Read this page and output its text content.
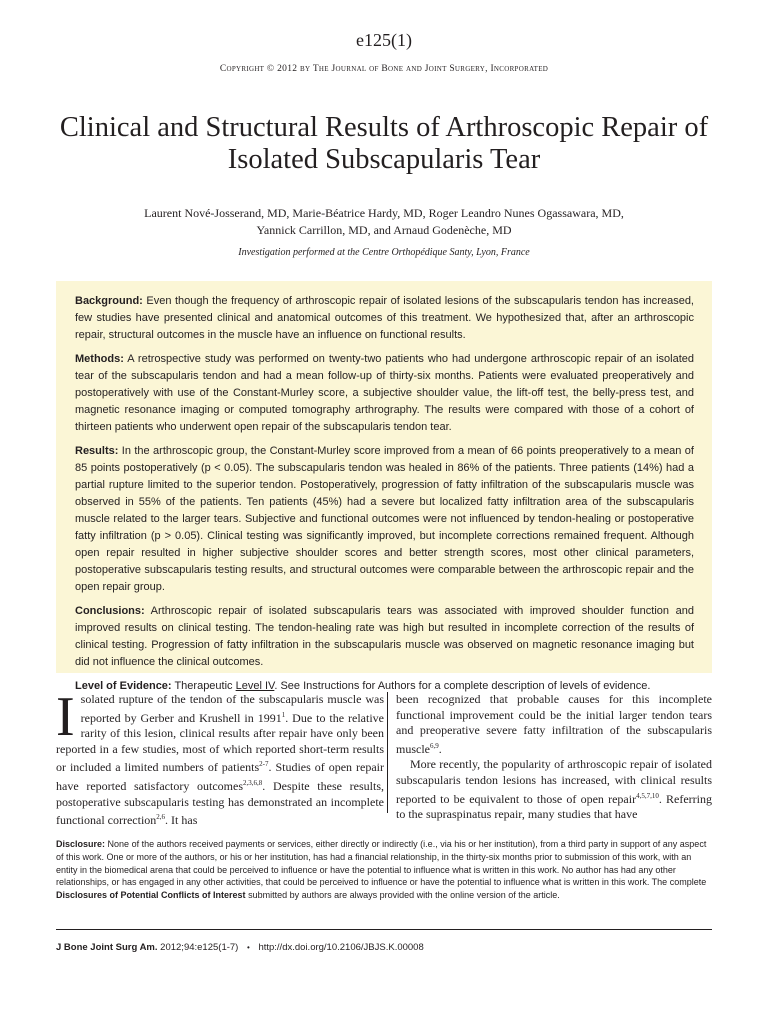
e125(1)
Copyright © 2012 by The Journal of Bone and Joint Surgery, Incorporated
Clinical and Structural Results of Arthroscopic Repair of Isolated Subscapularis Tear
Laurent Nové-Josserand, MD, Marie-Béatrice Hardy, MD, Roger Leandro Nunes Ogassawara, MD,
Yannick Carrillon, MD, and Arnaud Godenèche, MD
Investigation performed at the Centre Orthopédique Santy, Lyon, France

Background: Even though the frequency of arthroscopic repair of isolated lesions of the subscapularis tendon has increased, few studies have presented clinical and anatomical outcomes of this treatment. We hypothesized that, after an arthroscopic repair, structural outcomes in the muscle have an influence on functional results.

Methods: A retrospective study was performed on twenty-two patients who had undergone arthroscopic repair of an isolated tear of the subscapularis tendon and had a mean follow-up of thirty-six months. Patients were evaluated preoperatively and postoperatively with use of the Constant-Murley score, a subjective shoulder value, the lift-off test, the belly-press test, and magnetic resonance imaging or computed tomography arthrography. The results were compared with those of a cohort of thirteen patients who underwent open repair of the subscapularis tendon tear.

Results: In the arthroscopic group, the Constant-Murley score improved from a mean of 66 points preoperatively to a mean of 85 points postoperatively (p < 0.05). The subscapularis tendon was healed in 86% of the patients. Three patients (14%) had a partial rupture limited to the superior tendon. Postoperatively, progression of fatty infiltration of the subscapularis muscle was observed in 55% of the patients. Ten patients (45%) had a severe but localized fatty infiltration area of the subscapularis muscle related to the larger tears. Subjective and functional outcomes were not influenced by tendon-healing or postoperative fatty infiltration (p > 0.05). Clinical testing was significantly improved, but incomplete corrections remained frequent. Although open repair resulted in higher subjective shoulder scores and better strength scores, most other clinical parameters, postoperative subscapularis testing results, and structural outcomes were comparable between the arthroscopic repair and the open repair group.

Conclusions: Arthroscopic repair of isolated subscapularis tears was associated with improved shoulder function and improved results on clinical testing. The tendon-healing rate was high but resulted in incomplete correction of the results of clinical testing. Progression of fatty infiltration in the subscapularis muscle was observed on magnetic resonance imaging but did not influence the clinical outcomes.

Level of Evidence: Therapeutic Level IV. See Instructions for Authors for a complete description of levels of evidence.

Isolated rupture of the tendon of the subscapularis muscle was reported by Gerber and Krushell in 1991$^1$. Due to the relative rarity of this lesion, clinical results after repair have only been reported in a few studies, most of which reported short-term results or included a limited numbers of patients$^{2-7}$. Studies of open repair have reported satisfactory outcomes$^{2,3,6,8}$. Despite these results, postoperative subscapularis testing has demonstrated an incomplete functional correction$^{2,6}$. It has

been recognized that probable causes for this incomplete functional improvement could be the initial larger tendon tears and preoperative severe fatty infiltration of the subscapularis muscle$^{6,9}$.

More recently, the popularity of arthroscopic repair of isolated subscapularis tendon lesions has increased, with clinical results reported to be equivalent to those of open repair$^{4,5,7,10}$. Referring to the supraspinatus repair, many studies that have

Disclosure: None of the authors received payments or services, either directly or indirectly (i.e., via his or her institution), from a third party in support of any aspect of this work. One or more of the authors, or his or her institution, has had a financial relationship, in the thirty-six months prior to submission of this work, with an entity in the biomedical arena that could be perceived to influence or have the potential to influence what is written in this work. No author has had any other relationships, or has engaged in any other activities, that could be perceived to influence or have the potential to influence what is written in this work. The complete Disclosures of Potential Conflicts of Interest submitted by authors are always provided with the online version of the article.
J Bone Joint Surg Am. 2012;94:e125(1-7) • http://dx.doi.org/10.2106/JBJS.K.00008
